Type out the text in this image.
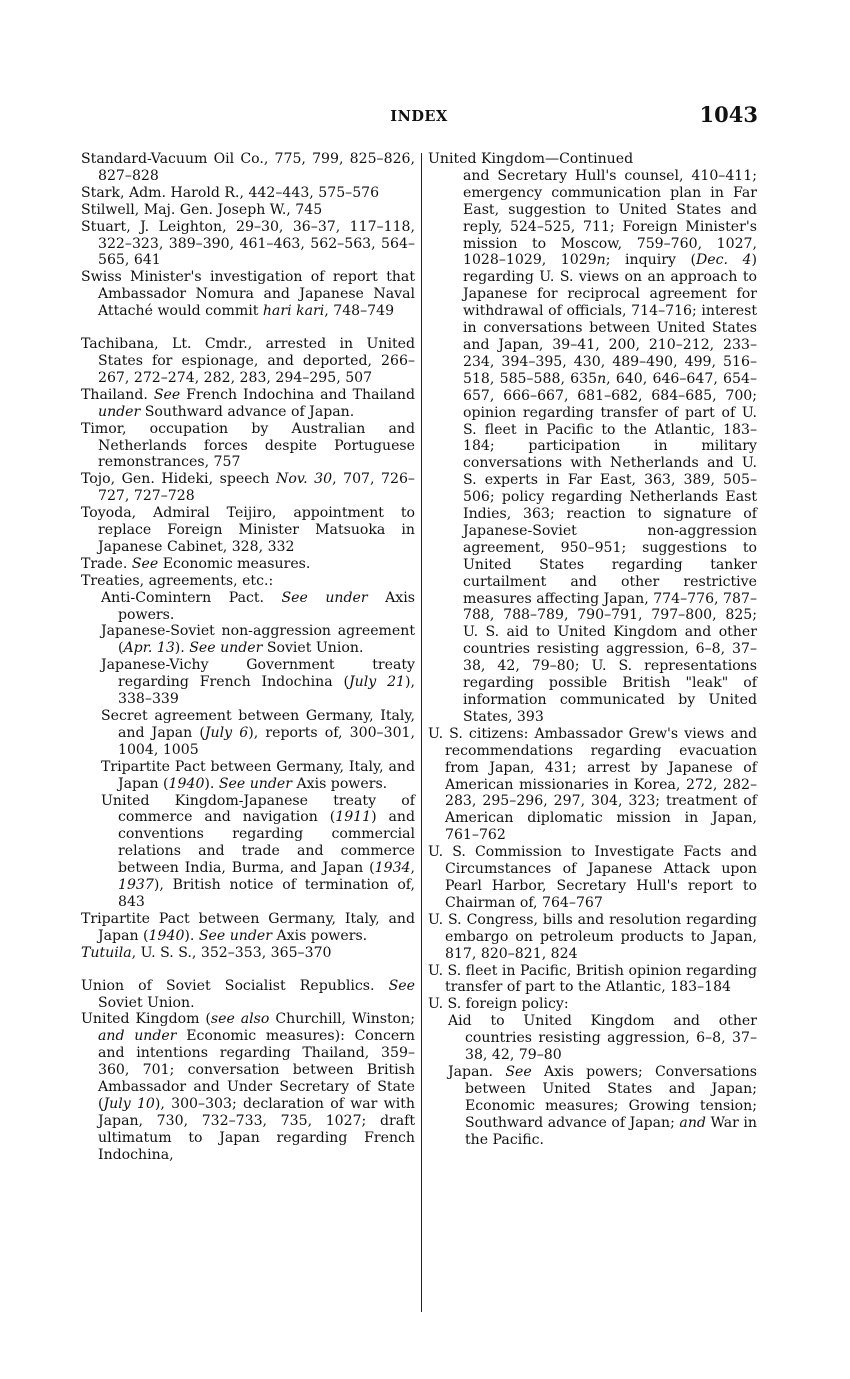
INDEX	1043

Standard-Vacuum Oil Co., 775, 799, 825–826, 827–828

Stark, Adm. Harold R., 442–443, 575–576

Stilwell, Maj. Gen. Joseph W., 745

Stuart, J. Leighton, 29–30, 36–37, 117–118, 322–323, 389–390, 461–463, 562–563, 564–565, 641

Swiss Minister's investigation of report that Ambassador Nomura and Japanese Naval Attaché would commit hari kari, 748–749

Tachibana, Lt. Cmdr., arrested in United States for espionage, and deported, 266–267, 272–274, 282, 283, 294–295, 507

Thailand. See French Indochina and Thailand under Southward advance of Japan.

Timor, occupation by Australian and Netherlands forces despite Portuguese remonstrances, 757

Tojo, Gen. Hideki, speech Nov. 30, 707, 726–727, 727–728

Toyoda, Admiral Teijiro, appointment to replace Foreign Minister Matsuoka in Japanese Cabinet, 328, 332

Trade. See Economic measures.

Treaties, agreements, etc.:

Anti-Comintern Pact. See under Axis powers.

Japanese-Soviet non-aggression agreement (Apr. 13). See under Soviet Union.

Japanese-Vichy Government treaty regarding French Indochina (July 21), 338–339

Secret agreement between Germany, Italy, and Japan (July 6), reports of, 300–301, 1004, 1005

Tripartite Pact between Germany, Italy, and Japan (1940). See under Axis powers.

United Kingdom-Japanese treaty of commerce and navigation (1911) and conventions regarding commercial relations and trade and commerce between India, Burma, and Japan (1934, 1937), British notice of termination of, 843

Tripartite Pact between Germany, Italy, and Japan (1940). See under Axis powers.

Tutuila, U. S. S., 352–353, 365–370

Union of Soviet Socialist Republics. See Soviet Union.

United Kingdom (see also Churchill, Winston; and under Economic measures): Concern and intentions regarding Thailand, 359–360, 701; conversation between British Ambassador and Under Secretary of State (July 10), 300–303; declaration of war with Japan, 730, 732–733, 735, 1027; draft ultimatum to Japan regarding French Indochina,

United Kingdom—Continued

and Secretary Hull's counsel, 410–411; emergency communication plan in Far East, suggestion to United States and reply, 524–525, 711; Foreign Minister's mission to Moscow, 759–760, 1027, 1028–1029, 1029n; inquiry (Dec. 4) regarding U. S. views on an approach to Japanese for reciprocal agreement for withdrawal of officials, 714–716; interest in conversations between United States and Japan, 39–41, 200, 210–212, 233–234, 394–395, 430, 489–490, 499, 516–518, 585–588, 635n, 640, 646–647, 654–657, 666–667, 681–682, 684–685, 700; opinion regarding transfer of part of U. S. fleet in Pacific to the Atlantic, 183–184; participation in military conversations with Netherlands and U. S. experts in Far East, 363, 389, 505–506; policy regarding Netherlands East Indies, 363; reaction to signature of Japanese-Soviet non-aggression agreement, 950–951; suggestions to United States regarding tanker curtailment and other restrictive measures affecting Japan, 774–776, 787–788, 788–789, 790–791, 797–800, 825; U. S. aid to United Kingdom and other countries resisting aggression, 6–8, 37–38, 42, 79–80; U. S. representations regarding possible British "leak" of information communicated by United States, 393

U. S. citizens: Ambassador Grew's views and recommendations regarding evacuation from Japan, 431; arrest by Japanese of American missionaries in Korea, 272, 282–283, 295–296, 297, 304, 323; treatment of American diplomatic mission in Japan, 761–762

U. S. Commission to Investigate Facts and Circumstances of Japanese Attack upon Pearl Harbor, Secretary Hull's report to Chairman of, 764–767

U. S. Congress, bills and resolution regarding embargo on petroleum products to Japan, 817, 820–821, 824

U. S. fleet in Pacific, British opinion regarding transfer of part to the Atlantic, 183–184

U. S. foreign policy:

Aid to United Kingdom and other countries resisting aggression, 6–8, 37–38, 42, 79–80

Japan. See Axis powers; Conversations between United States and Japan; Economic measures; Growing tension; Southward advance of Japan; and War in the Pacific.
